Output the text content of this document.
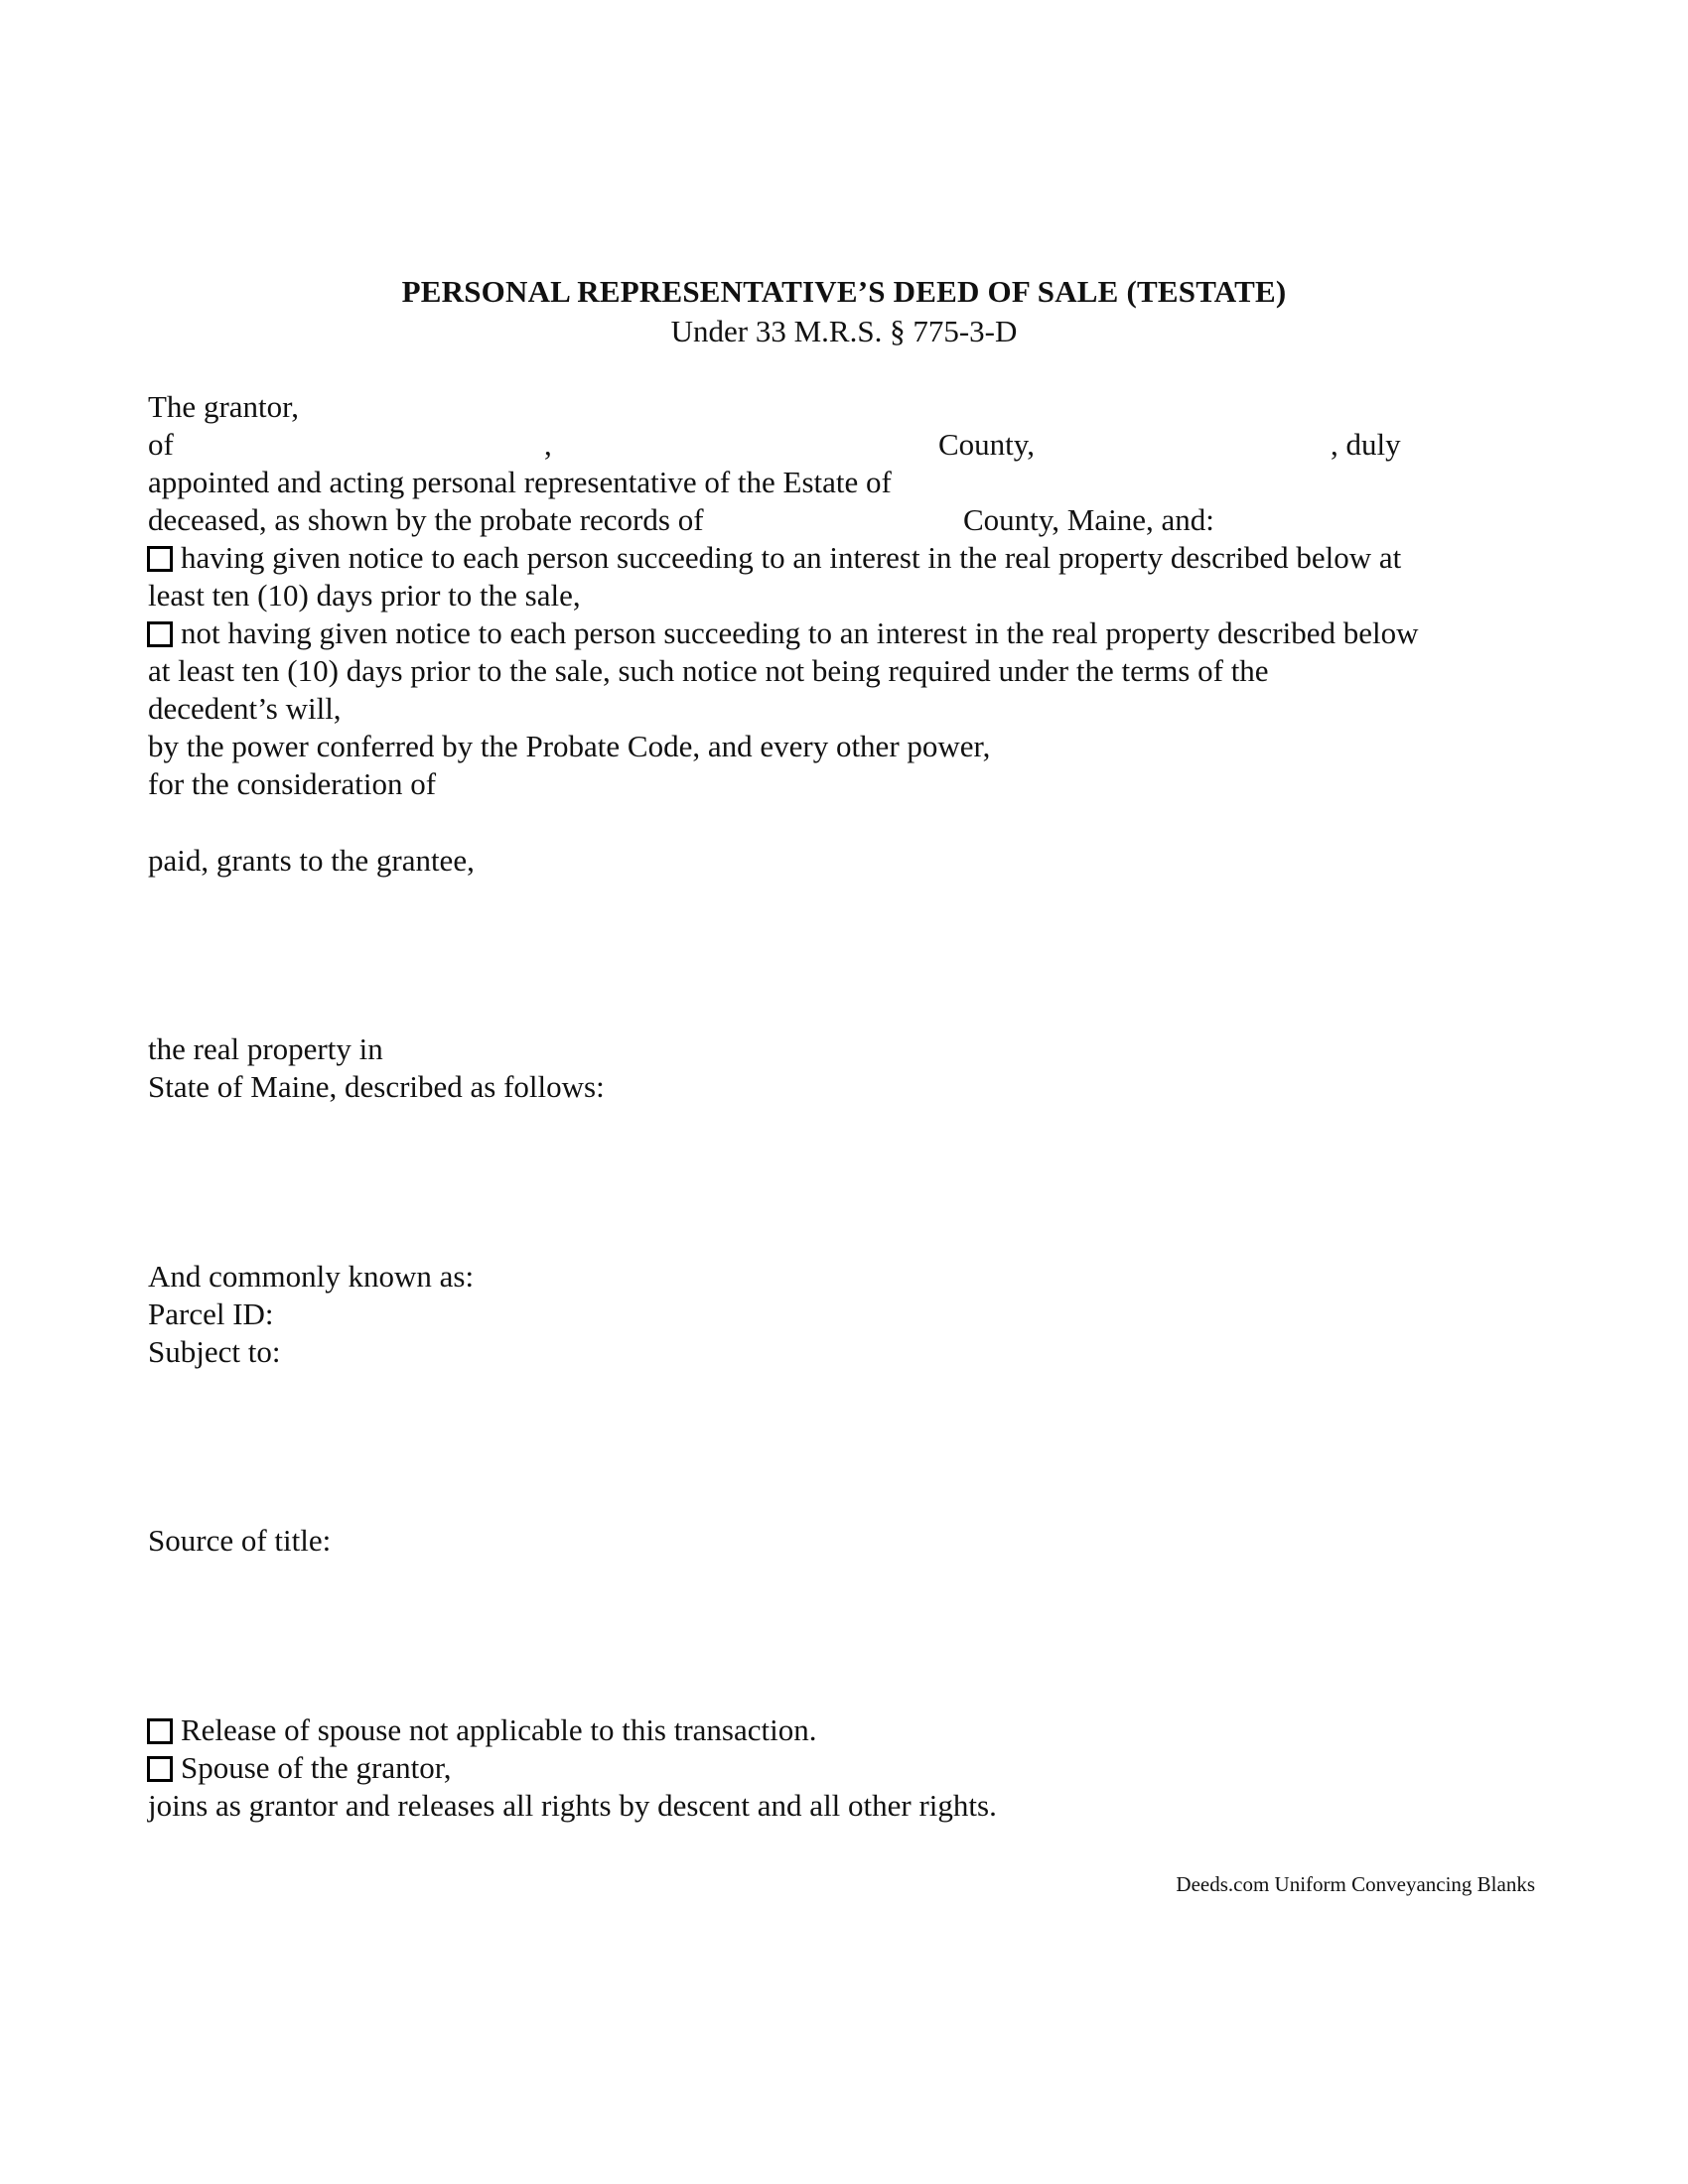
PERSONAL REPRESENTATIVE’S DEED OF SALE (TESTATE)
Under 33 M.R.S. § 775-3-D
The grantor,
of	,	County,	, duly
appointed and acting personal representative of the Estate of
deceased, as shown by the probate records of	County, Maine, and:
having given notice to each person succeeding to an interest in the real property described below at
least ten (10) days prior to the sale,
not having given notice to each person succeeding to an interest in the real property described below
at least ten (10) days prior to the sale, such notice not being required under the terms of the
decedent’s will,
by the power conferred by the Probate Code, and every other power,
for the consideration of
paid, grants to the grantee,
the real property in
State of Maine, described as follows:
And commonly known as:
Parcel ID:
Subject to:
Source of title:
Release of spouse not applicable to this transaction.
Spouse of the grantor,
joins as grantor and releases all rights by descent and all other rights.
Deeds.com Uniform Conveyancing Blanks
